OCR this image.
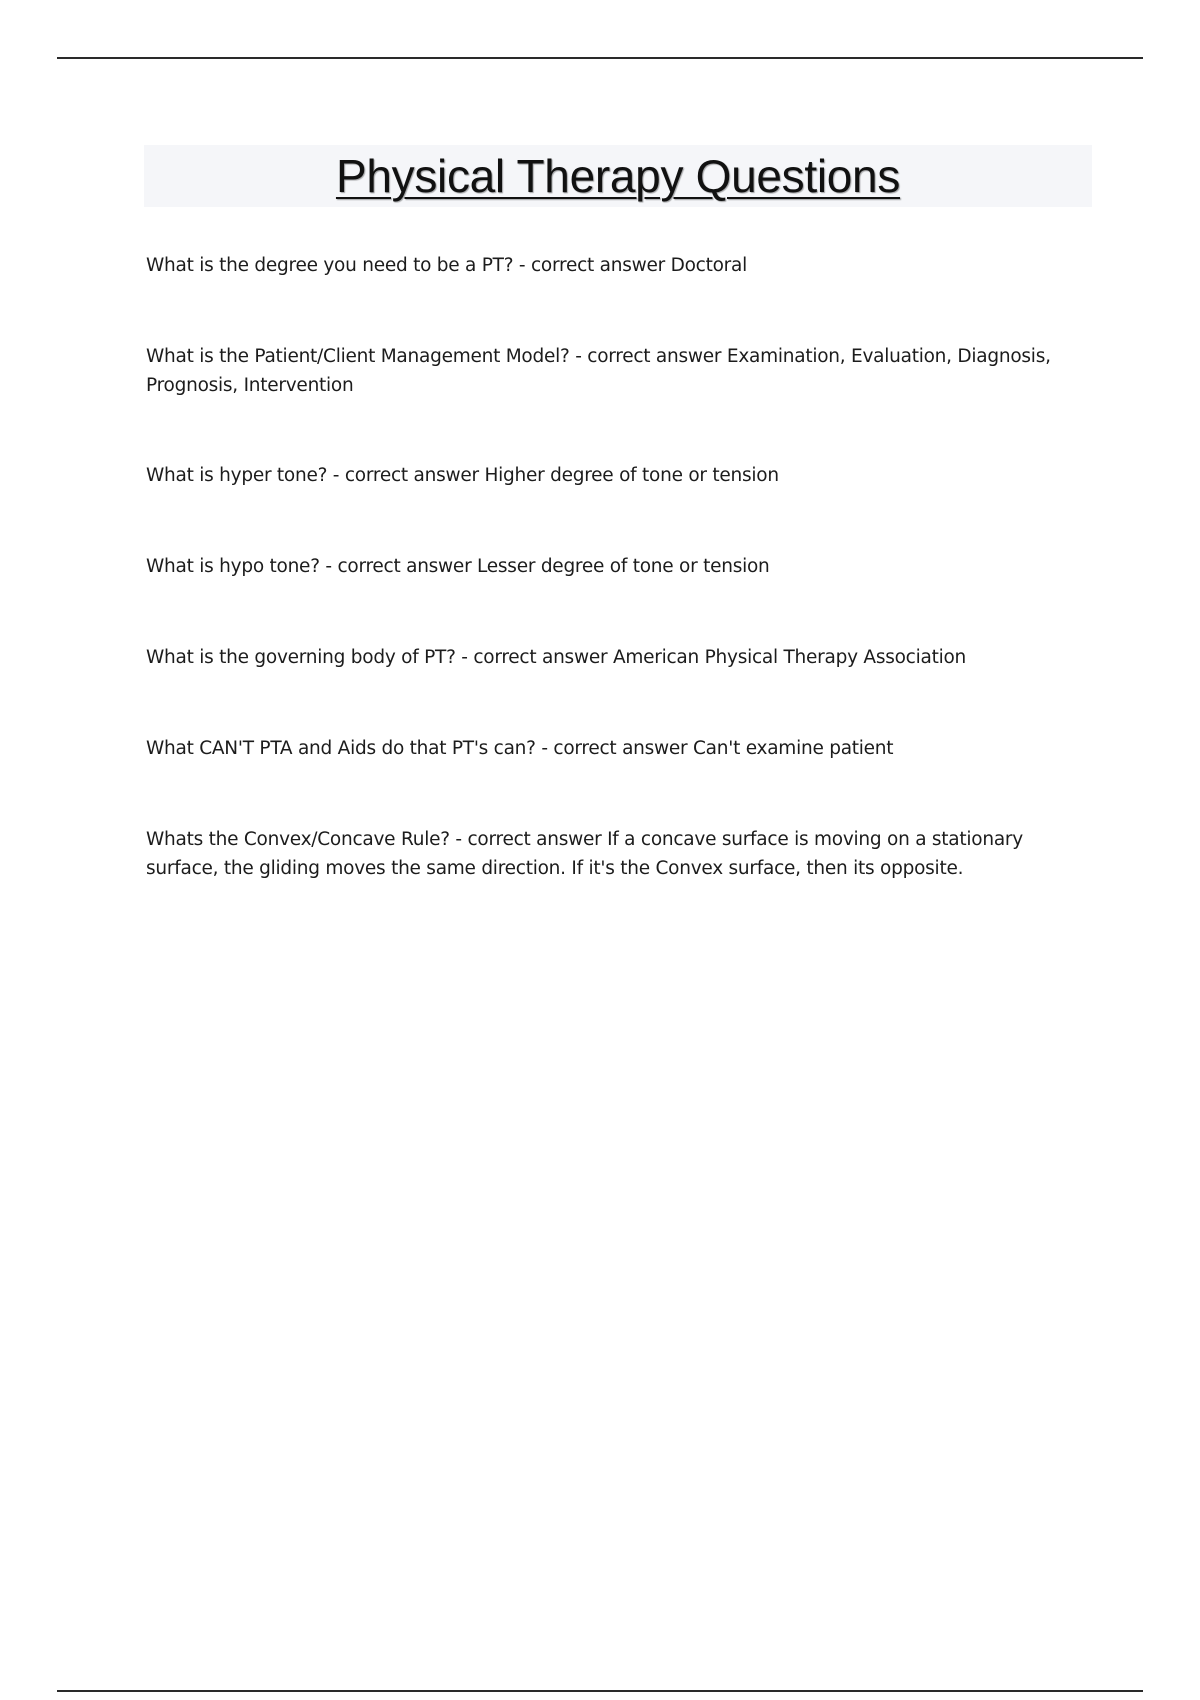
Physical Therapy Questions

What is the degree you need to be a PT? - correct answer Doctoral

What is the Patient/Client Management Model? - correct answer Examination, Evaluation, Diagnosis, Prognosis, Intervention

What is hyper tone? - correct answer Higher degree of tone or tension

What is hypo tone? - correct answer Lesser degree of tone or tension

What is the governing body of PT? - correct answer American Physical Therapy Association

What CAN'T PTA and Aids do that PT's can? - correct answer Can't examine patient

Whats the Convex/Concave Rule? - correct answer If a concave surface is moving on a stationary surface, the gliding moves the same direction. If it's the Convex surface, then its opposite.
